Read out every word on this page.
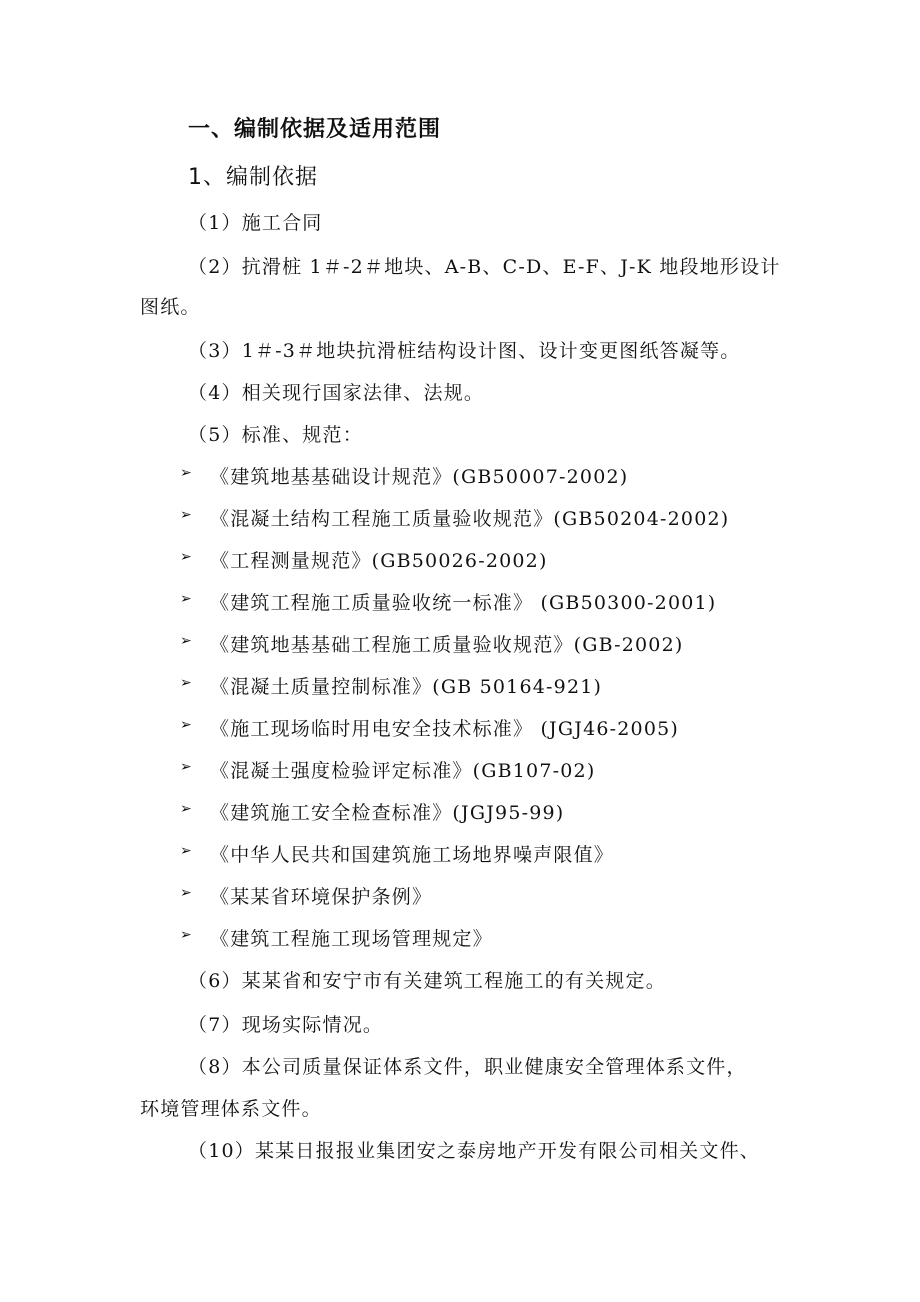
一、编制依据及适用范围
1、编制依据
（1）施工合同
（2）抗滑桩 1＃-2＃地块、A-B、C-D、E-F、J-K 地段地形设计
图纸。
（3）1＃-3＃地块抗滑桩结构设计图、设计变更图纸答凝等。
（4）相关现行国家法律、法规。
（5）标准、规范：
➢ 《建筑地基基础设计规范》(GB50007-2002)
➢ 《混凝土结构工程施工质量验收规范》(GB50204-2002)
➢ 《工程测量规范》(GB50026-2002)
➢ 《建筑工程施工质量验收统一标准》 (GB50300-2001)
➢ 《建筑地基基础工程施工质量验收规范》(GB-2002)
➢ 《混凝土质量控制标准》(GB 50164-921)
➢ 《施工现场临时用电安全技术标准》 (JGJ46-2005)
➢ 《混凝土强度检验评定标准》(GB107-02)
➢ 《建筑施工安全检查标准》(JGJ95-99)
➢ 《中华人民共和国建筑施工场地界噪声限值》
➢ 《某某省环境保护条例》
➢ 《建筑工程施工现场管理规定》
（6）某某省和安宁市有关建筑工程施工的有关规定。
（7）现场实际情况。
（8）本公司质量保证体系文件，职业健康安全管理体系文件，
环境管理体系文件。
（10）某某日报报业集团安之泰房地产开发有限公司相关文件、
